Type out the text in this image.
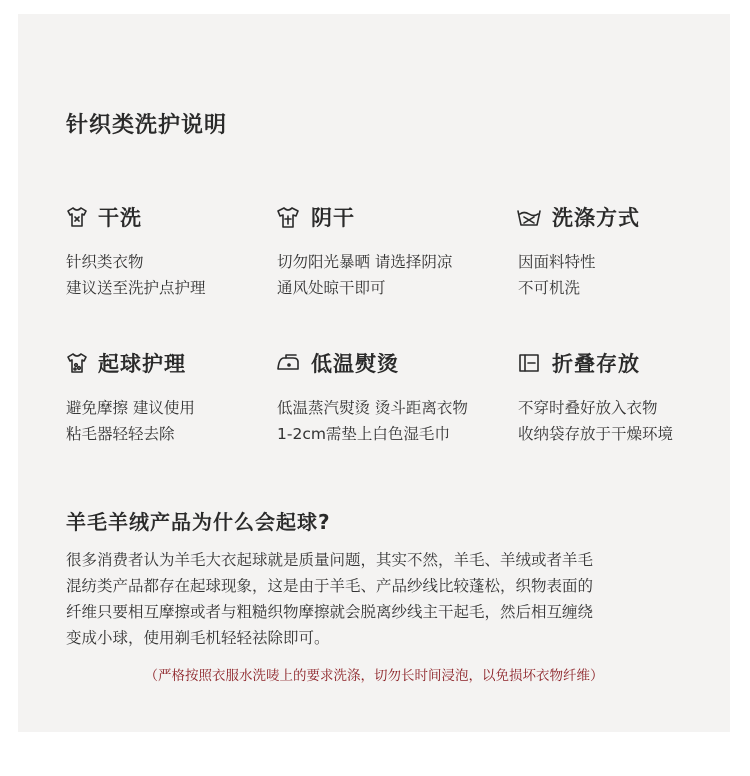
针织类洗护说明
干洗
针织类衣物
建议送至洗护点护理
阴干
切勿阳光暴晒 请选择阴凉
通风处晾干即可
洗涤方式
因面料特性
不可机洗
起球护理
避免摩擦 建议使用
粘毛器轻轻去除
低温熨烫
低温蒸汽熨烫 烫斗距离衣物
1-2cm需垫上白色湿毛巾
折叠存放
不穿时叠好放入衣物
收纳袋存放于干燥环境
羊毛羊绒产品为什么会起球?
很多消费者认为羊毛大衣起球就是质量问题，其实不然，羊毛、羊绒或者羊毛
混纺类产品都存在起球现象，这是由于羊毛、产品纱线比较蓬松，织物表面的
纤维只要相互摩擦或者与粗糙织物摩擦就会脱离纱线主干起毛，然后相互缠绕
变成小球，使用剃毛机轻轻祛除即可。
（严格按照衣服水洗唛上的要求洗涤，切勿长时间浸泡，以免损坏衣物纤维）
